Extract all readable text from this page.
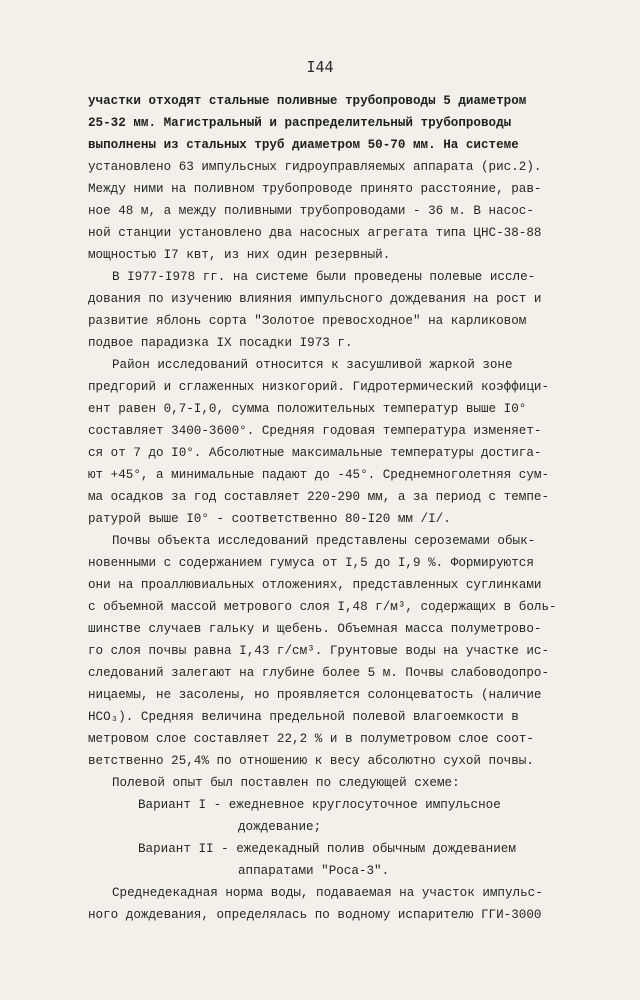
I44
участки отходят стальные поливные трубопроводы 5 диаметром
25-32 мм. Магистральный и распределительный трубопроводы
выполнены из стальных труб диаметром 50-70 мм. На системе
установлено 63 импульсных гидроуправляемых аппарата (рис.2).
Между ними на поливном трубопроводе принято расстояние, рав-
ное 48 м, а между поливными трубопроводами - 36 м. В насос-
ной станции установлено два насосных агрегата типа ЦНС-38-88
мощностью I7 квт, из них один резервный.
В I977-I978 гг. на системе были проведены полевые иссле-
дования по изучению влияния импульсного дождевания на рост и
развитие яблонь сорта "Золотое превосходное" на карликовом
подвое парадизка IX посадки I973 г.
Район исследований относится к засушливой жаркой зоне
предгорий и сглаженных низкогорий. Гидротермический коэффици-
ент равен 0,7-I,0, сумма положительных температур выше I0°
составляет 3400-3600°. Средняя годовая температура изменяет-
ся от 7 до I0°. Абсолютные максимальные температуры достига-
ют +45°, а минимальные падают до -45°. Среднемноголетняя сум-
ма осадков за год составляет 220-290 мм, а за период с темпе-
ратурой выше I0° - соответственно 80-I20 мм /I/.
Почвы объекта исследований представлены сероземами обык-
новенными с содержанием гумуса от I,5 до I,9 %. Формируются
они на проаллювиальных отложениях, представленных суглинками
с объемной массой метрового слоя I,48 г/м³, содержащих в боль-
шинстве случаев гальку и щебень. Объемная масса полуметрово-
го слоя почвы равна I,43 г/см³. Грунтовые воды на участке ис-
следований залегают на глубине более 5 м. Почвы слабоводопро-
ницаемы, не засолены, но проявляется солонцеватость (наличие
НСО₃). Средняя величина предельной полевой влагоемкости в
метровом слое составляет 22,2 % и в полуметровом слое соот-
ветственно 25,4% по отношению к весу абсолютно сухой почвы.
Полевой опыт был поставлен по следующей схеме:
Вариант I - ежедневное круглосуточное импульсное
дождевание;
Вариант II - ежедекадный полив обычным дождеванием
аппаратами "Роса-3".
Среднедекадная норма воды, подаваемая на участок импульс-
ного дождевания, определялась по водному испарителю ГГИ-3000
